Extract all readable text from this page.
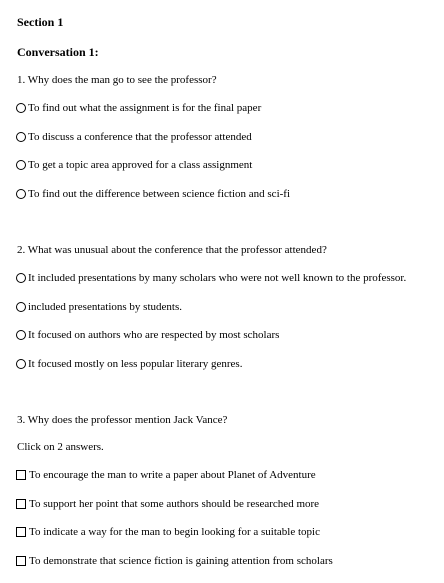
Section 1
Conversation 1:
1. Why does the man go to see the professor?
To find out what the assignment is for the final paper
To discuss a conference that the professor attended
To get a topic area approved for a class assignment
To find out the difference between science fiction and sci-fi
2. What was unusual about the conference that the professor attended?
It included presentations by many scholars who were not well known to the professor.
included presentations by students.
It focused on authors who are respected by most scholars
It focused mostly on less popular literary genres.
3. Why does the professor mention Jack Vance?
Click on 2 answers.
To encourage the man to write a paper about Planet of Adventure
To support her point that some authors should be researched more
To indicate a way for the man to begin looking for a suitable topic
To demonstrate that science fiction is gaining attention from scholars
